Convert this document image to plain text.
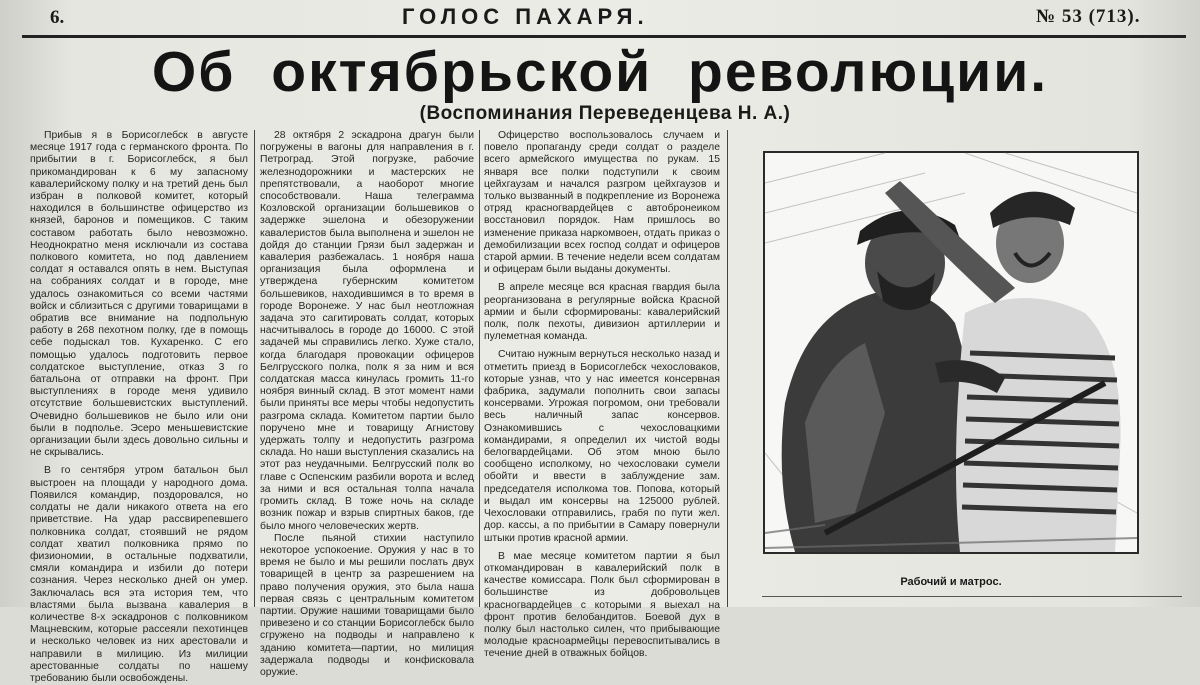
6.	ГОЛОС ПАХАРЯ.	№ 53 (713).
Об октябрьской революции.
(Воспоминания Переведенцева Н. А.)

Прибыв я в Борисоглебск в августе месяце 1917 года с германского фронта. По прибытии в г. Борисоглебск, я был прикомандирован к 6 му запасному кавалерийскому полку и на третий день был избран в полковой комитет, который находился в большинстве офицерство из князей, баронов и помещиков. С таким составом работать было невозможно. Неоднократно меня исключали из состава полкового комитета, но под давлением солдат я оставался опять в нем. Выступая на собраниях солдат и в городе, мне удалось ознакомиться со всеми частями войск и сблизиться с другими товарищами в обратив все внимание на подпольную работу в 268 пехотном полку, где в помощь себе подыскал тов. Кухаренко. С его помощью удалось подготовить первое солдатское выступление, отказ 3 го батальона от отправки на фронт. При выступлениях в городе меня удивило отсутствие большевистских выступлений. Очевидно большевиков не было или они были в подполье. Эсеро меньшевистские организации были здесь довольно сильны и не скрывались.

В го сентября утром батальон был выстроен на площади у народного дома. Появился командир, поздоровался, но солдаты не дали никакого ответа на его приветствие. На удар рассвирепевшего полковника солдат, стоявший не рядом солдат хватил полковника прямо по физиономии, в остальные подхватили, смяли командира и избили до потери сознания. Через несколько дней он умер. Заключалась вся эта история тем, что властями была вызвана кавалерия в количестве 8-х эскадронов с полковником Мацневским, которые рассеяли пехотинцев и несколько человек из них арестовали и направили в милицию. Из милиции арестованные солдаты по нашему требованию были освобождены.

28 октября 2 эскадрона драгун были погружены в вагоны для направления в г. Петроград. Этой погрузке, рабочие железнодорожники и мастерских не препятствовали, а наоборот многие способствовали. Наша телеграмма Козловской организации большевиков о задержке эшелона и обезоружении кавалеристов была выполнена и эшелон не дойдя до станции Грязи был задержан и кавалерия разбежалась. 1 ноября наша организация была оформлена и утверждена губернским комитетом большевиков, находившимся в то время в городе Воронеже. У нас был неотложная задача это сагитировать солдат, которых насчитывалось в городе до 16000. С этой задачей мы справились легко. Хуже стало, когда благодаря провокации офицеров Белгрусского полка, полк я за ним и вся солдатская масса кинулась громить 11-го ноября винный склад. В этот момент нами были приняты все меры чтобы недопустить разгрома склада. Комитетом партии было поручено мне и товарищу Агнистову удержать толпу и недопустить разгрома склада. Но наши выступления сказались на этот раз неудачными. Белгрусский полк во главе с Оспенским разбили ворота и вслед за ними и вся остальная толпа начала громить склад. В тоже ночь на складе возник пожар и взрыв спиртных баков, где было много человеческих жертв.

После пьяной стихии наступило некоторое успокоение. Оружия у нас в то время не было и мы решили послать двух товарищей в центр за разрешением на право получения оружия, это была наша первая связь с центральным комитетом партии. Оружие нашими товарищами было привезено и со станции Борисоглебск было сгружено на подводы и направлено к зданию комитета—партии, но милиция задержала подводы и конфисковала оружие.

Офицерство воспользовалось случаем и повело пропаганду среди солдат о разделе всего армейского имущества по рукам. 15 января все полки подступили к своим цейхгаузам и начался разгром цейхгаузов и только вызванный в подкрепление из Воронежа отряд красногвардейцев с автобронеиком восстановил порядок. Нам пришлось во изменение приказа наркомвоен, отдать приказ о демобилизации всех господ солдат и офицеров старой армии. В течение недели всем солдатам и офицерам были выданы документы.

В апреле месяце вся красная гвардия была реорганизована в регулярные войска Красной армии и были сформированы: кавалерийский полк, полк пехоты, дивизион артиллерии и пулеметная команда.

Считаю нужным вернуться несколько назад и отметить приезд в Борисоглебск чехословаков, которые узнав, что у нас имеется консервная фабрика, задумали пополнить свои запасы консервами. Угрожая погромом, они требовали весь наличный запас консервов. Ознакомившись с чехословацкими командирами, я определил их чистой воды белогвардейцами. Об этом мною было сообщено исполкому, но чехословаки сумели обойти и ввести в заблуждение зам. председателя исполкома тов. Попова, который и выдал им консервы на 125000 рублей. Чехословаки отправились, грабя по пути жел. дор. кассы, а по прибытии в Самару повернули штыки против красной армии.

В мае месяце комитетом партии я был откомандирован в кавалерийский полк в качестве комиссара. Полк был сформирован в большинстве из добровольцев красногвардейцев с которыми я выехал на фронт против белобандитов. Боевой дух в полку был настолько силен, что прибывающие молодые красноармейцы перевоспитывались в течение дней в отважных бойцов.

Рабочий и матрос.
